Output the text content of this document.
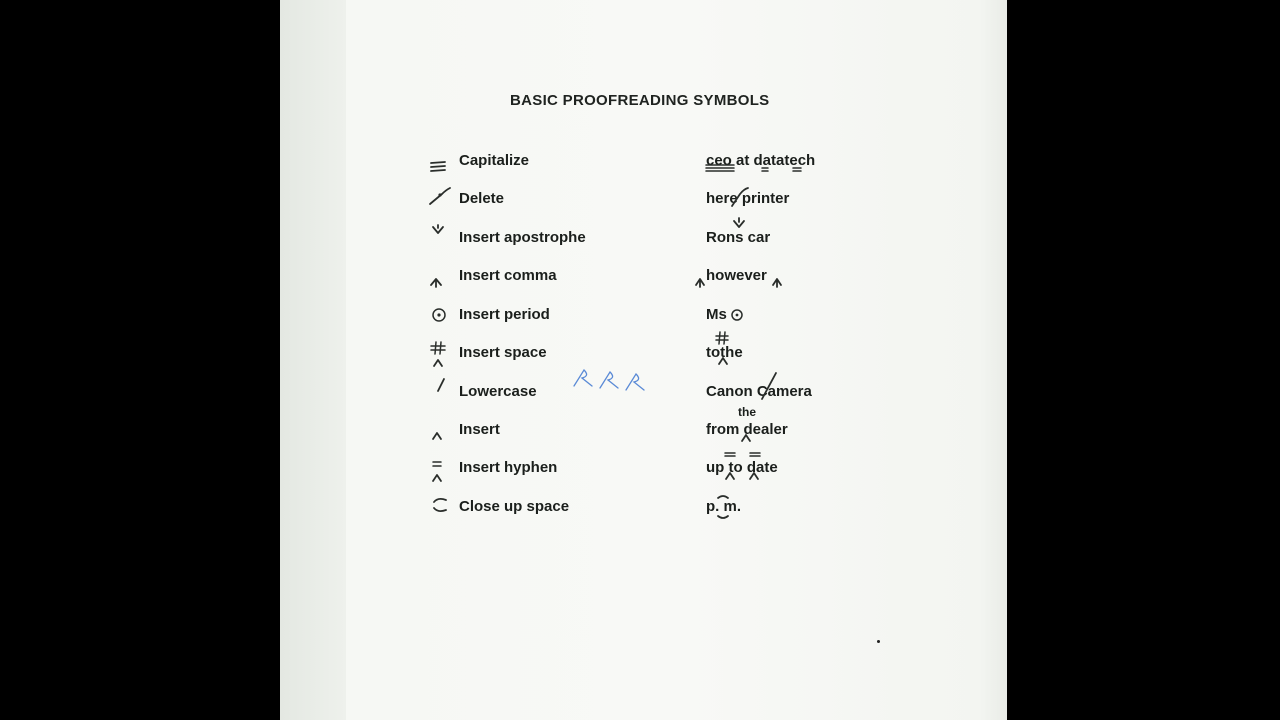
BASIC PROOFREADING SYMBOLS
Capitalize	ceo at datatech
Delete	here printer
Insert apostrophe	Rons car
Insert comma	however
Insert period	Ms
Insert space	tothe
Lowercase	Canon Camera
Insert	from dealer
the
Insert hyphen	up to date
Close up space	p. m.
